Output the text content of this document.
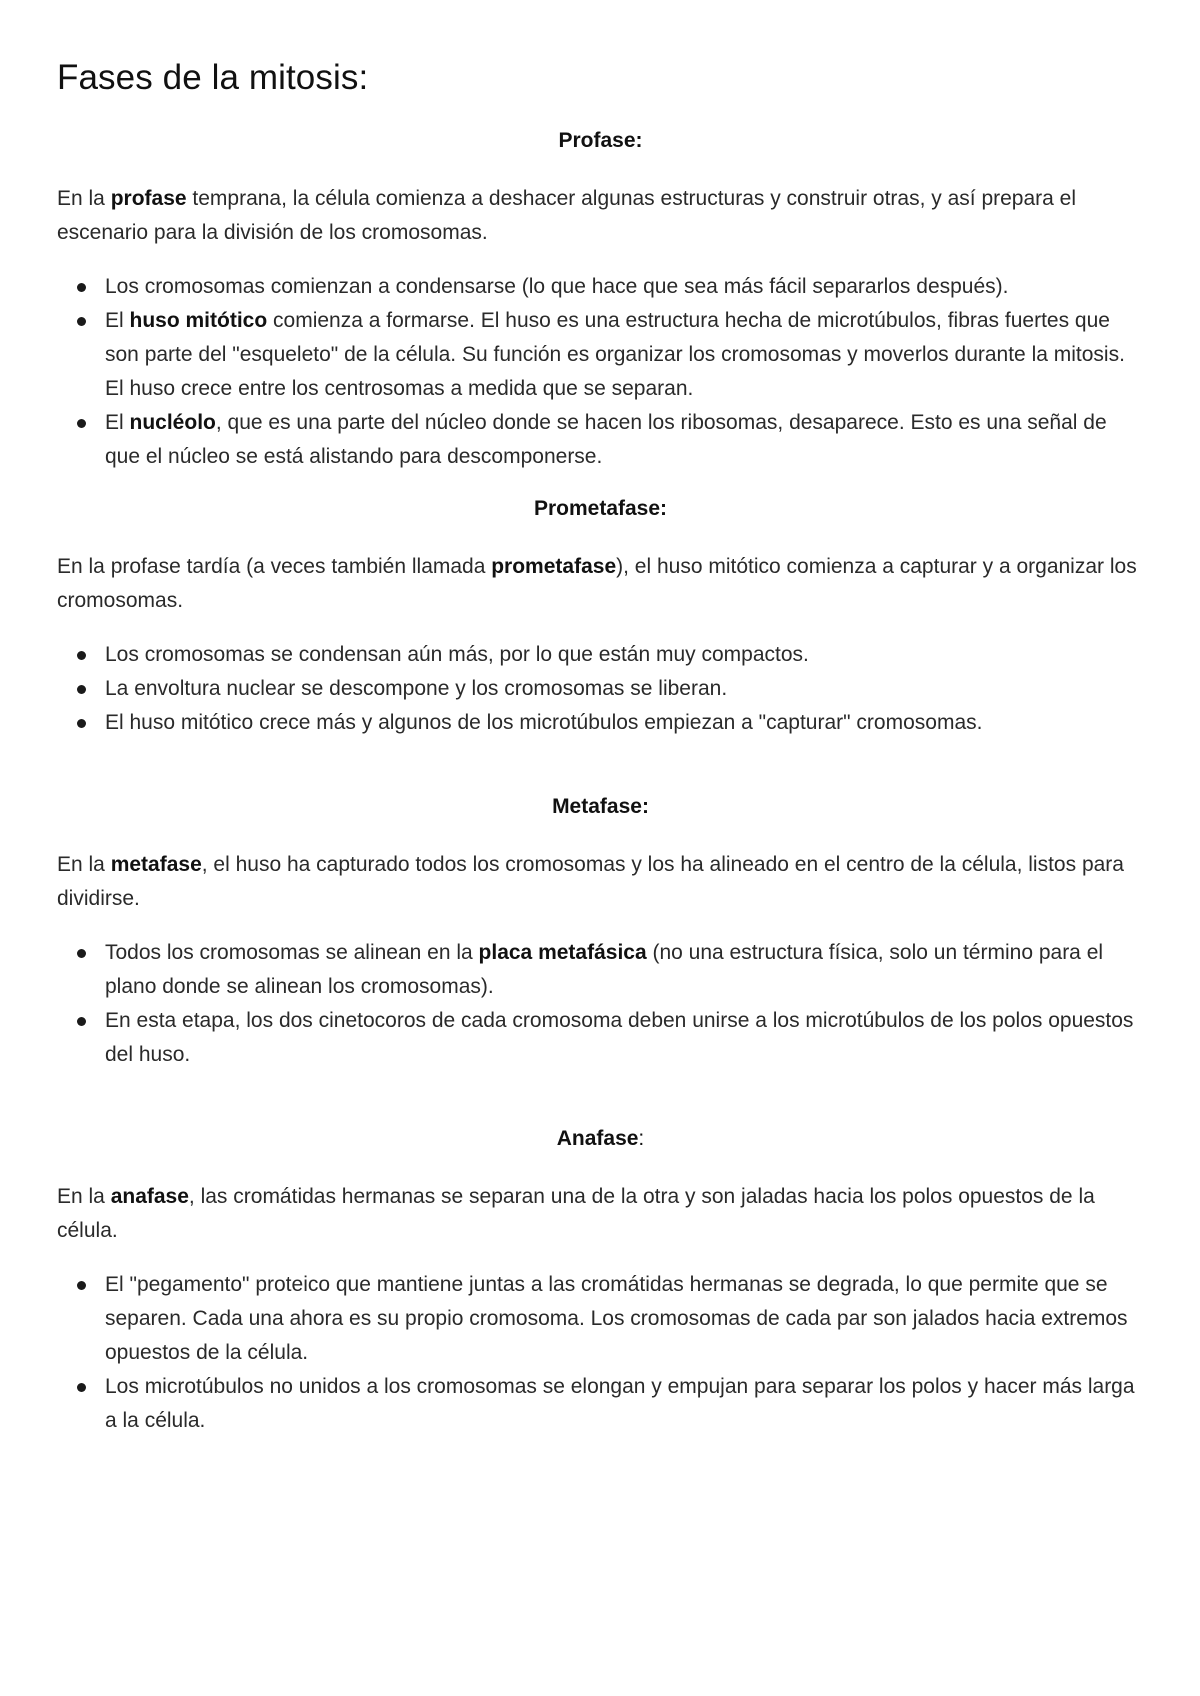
Fases de la mitosis:
Profase:

En la profase temprana, la célula comienza a deshacer algunas estructuras y construir otras, y así prepara el escenario para la división de los cromosomas.

Los cromosomas comienzan a condensarse (lo que hace que sea más fácil separarlos después).
El huso mitótico comienza a formarse. El huso es una estructura hecha de microtúbulos, fibras fuertes que son parte del "esqueleto" de la célula. Su función es organizar los cromosomas y moverlos durante la mitosis. El huso crece entre los centrosomas a medida que se separan.
El nucléolo, que es una parte del núcleo donde se hacen los ribosomas, desaparece. Esto es una señal de que el núcleo se está alistando para descomponerse.
Prometafase:

En la profase tardía (a veces también llamada prometafase), el huso mitótico comienza a capturar y a organizar los cromosomas.

Los cromosomas se condensan aún más, por lo que están muy compactos.
La envoltura nuclear se descompone y los cromosomas se liberan.
El huso mitótico crece más y algunos de los microtúbulos empiezan a "capturar" cromosomas.
Metafase:

En la metafase, el huso ha capturado todos los cromosomas y los ha alineado en el centro de la célula, listos para dividirse.

Todos los cromosomas se alinean en la placa metafásica (no una estructura física, solo un término para el plano donde se alinean los cromosomas).
En esta etapa, los dos cinetocoros de cada cromosoma deben unirse a los microtúbulos de los polos opuestos del huso.
Anafase:

En la anafase, las cromátidas hermanas se separan una de la otra y son jaladas hacia los polos opuestos de la célula.

El "pegamento" proteico que mantiene juntas a las cromátidas hermanas se degrada, lo que permite que se separen. Cada una ahora es su propio cromosoma. Los cromosomas de cada par son jalados hacia extremos opuestos de la célula.
Los microtúbulos no unidos a los cromosomas se elongan y empujan para separar los polos y hacer más larga a la célula.
